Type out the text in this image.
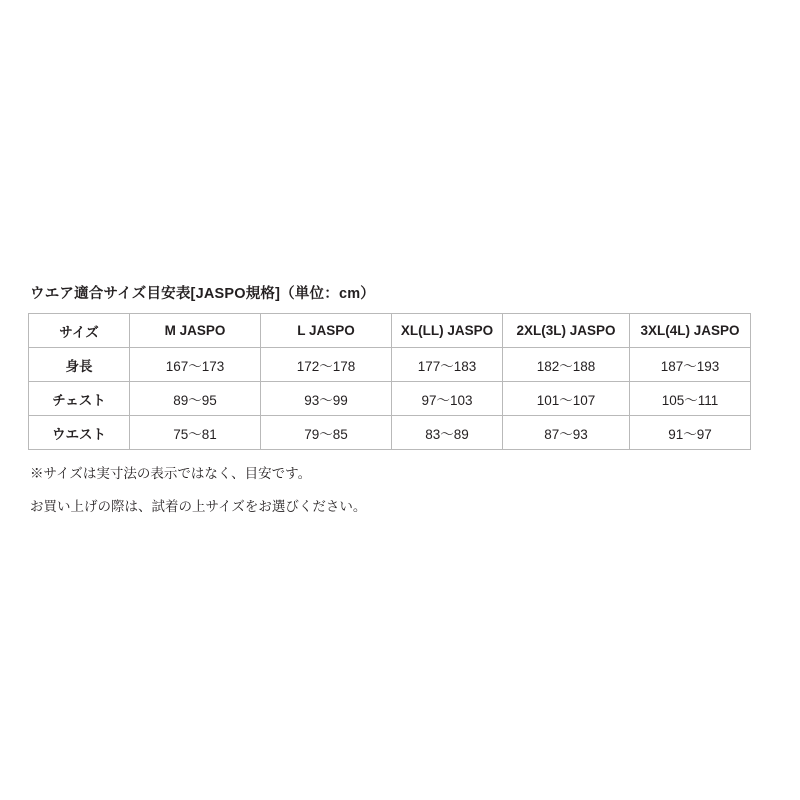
ウエア適合サイズ目安表[JASPO規格]（単位：cm）
サイズ	M JASPO	L JASPO	XL(LL) JASPO	2XL(3L) JASPO	3XL(4L) JASPO
身長	167〜173	172〜178	177〜183	182〜188	187〜193
チェスト	89〜95	93〜99	97〜103	101〜107	105〜111
ウエスト	75〜81	79〜85	83〜89	87〜93	91〜97
※サイズは実寸法の表示ではなく、目安です。
お買い上げの際は、試着の上サイズをお選びください。
